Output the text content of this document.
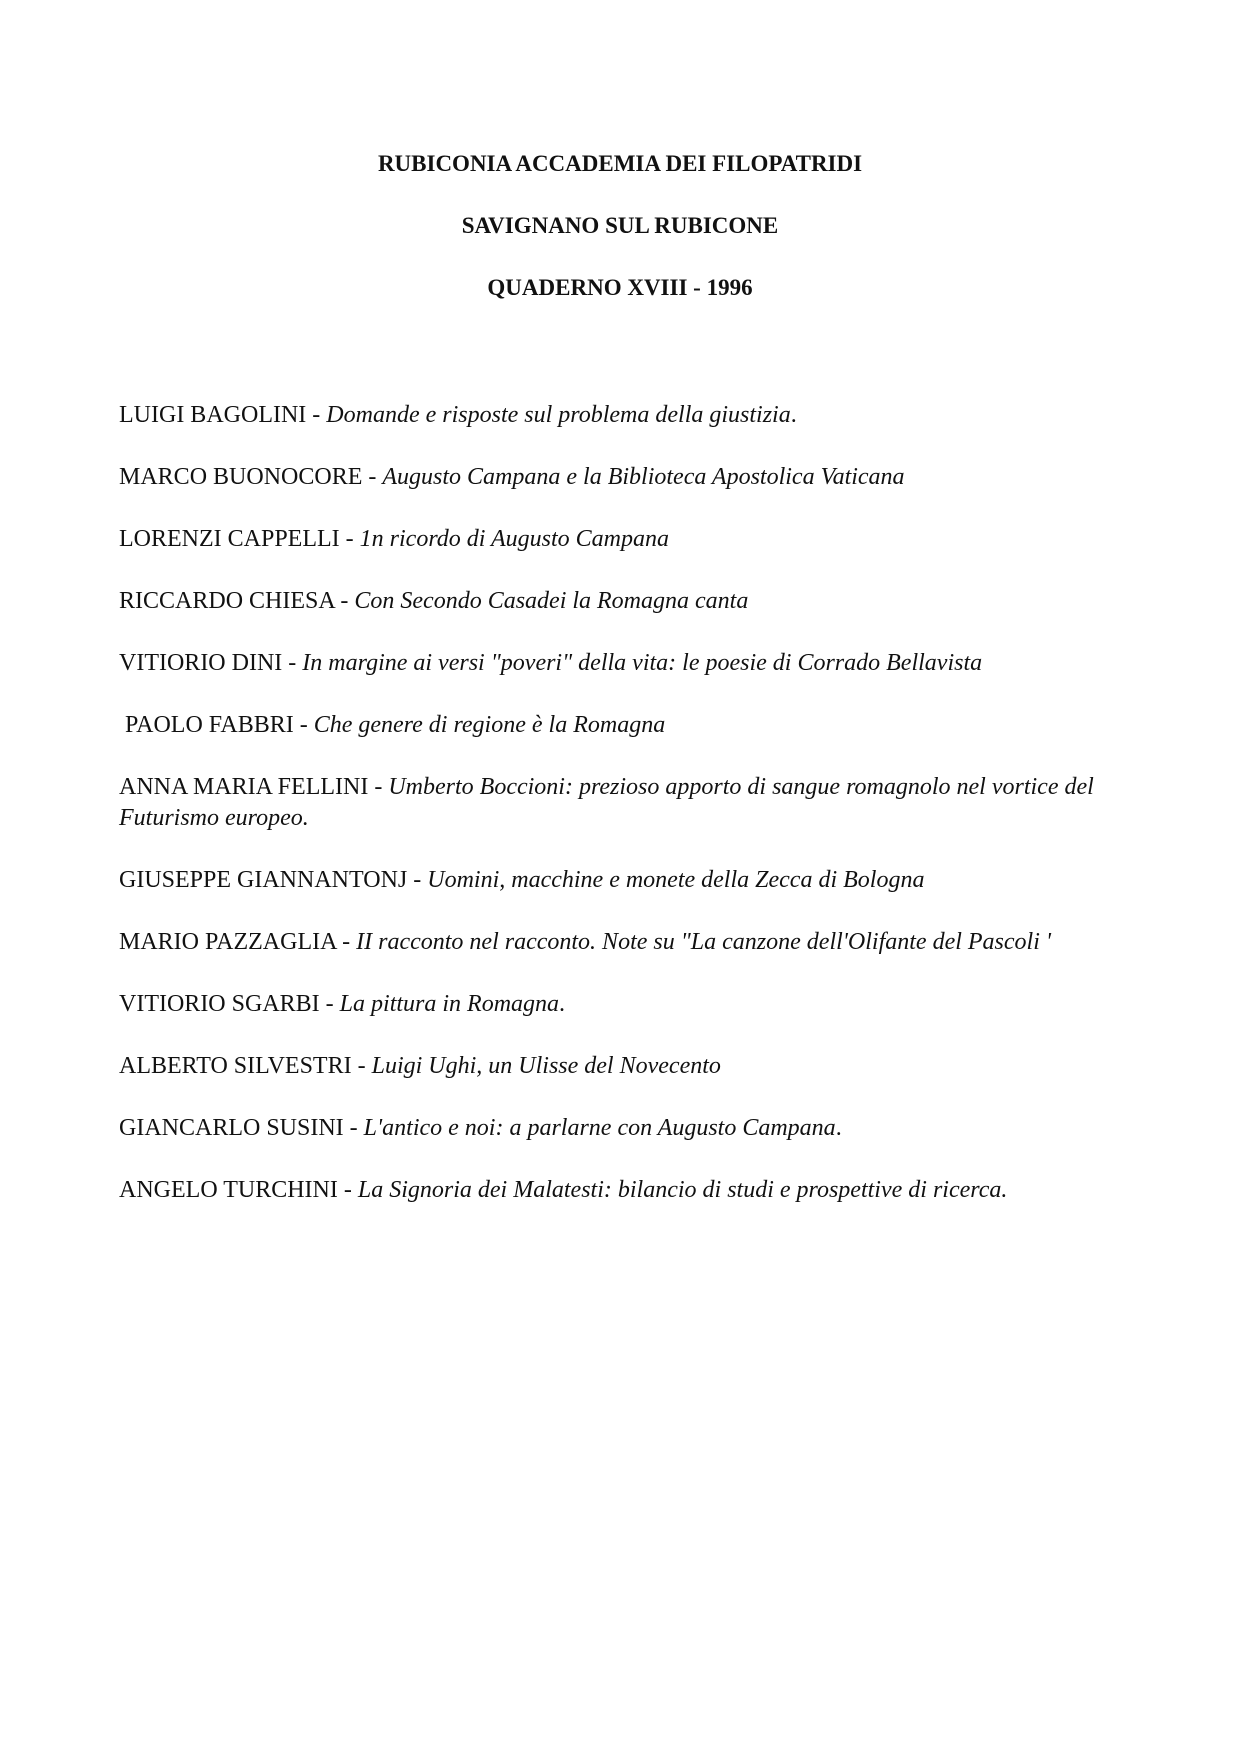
RUBICONIA ACCADEMIA DEI FILOPATRIDI
SAVIGNANO SUL RUBICONE
QUADERNO XVIII - 1996
LUIGI BAGOLINI - Domande e risposte sul problema della giustizia.
MARCO BUONOCORE - Augusto Campana e la Biblioteca Apostolica Vaticana
LORENZI CAPPELLI - 1n ricordo di Augusto Campana
RICCARDO CHIESA - Con Secondo Casadei la Romagna canta
VITIORIO DINI - In margine ai versi "poveri" della vita: le poesie di Corrado Bellavista
PAOLO FABBRI - Che genere di regione è la Romagna
ANNA MARIA FELLINI - Umberto Boccioni: prezioso apporto di sangue romagnolo nel vortice del Futurismo europeo.
GIUSEPPE GIANNANTONJ - Uomini, macchine e monete della Zecca di Bologna
MARIO PAZZAGLIA - II racconto nel racconto. Note su "La canzone dell'Olifante del Pascoli '
VITIORIO SGARBI - La pittura in Romagna.
ALBERTO SILVESTRI - Luigi Ughi, un Ulisse del Novecento
GIANCARLO SUSINI - L'antico e noi: a parlarne con Augusto Campana.
ANGELO TURCHINI - La Signoria dei Malatesti: bilancio di studi e prospettive di ricerca.
